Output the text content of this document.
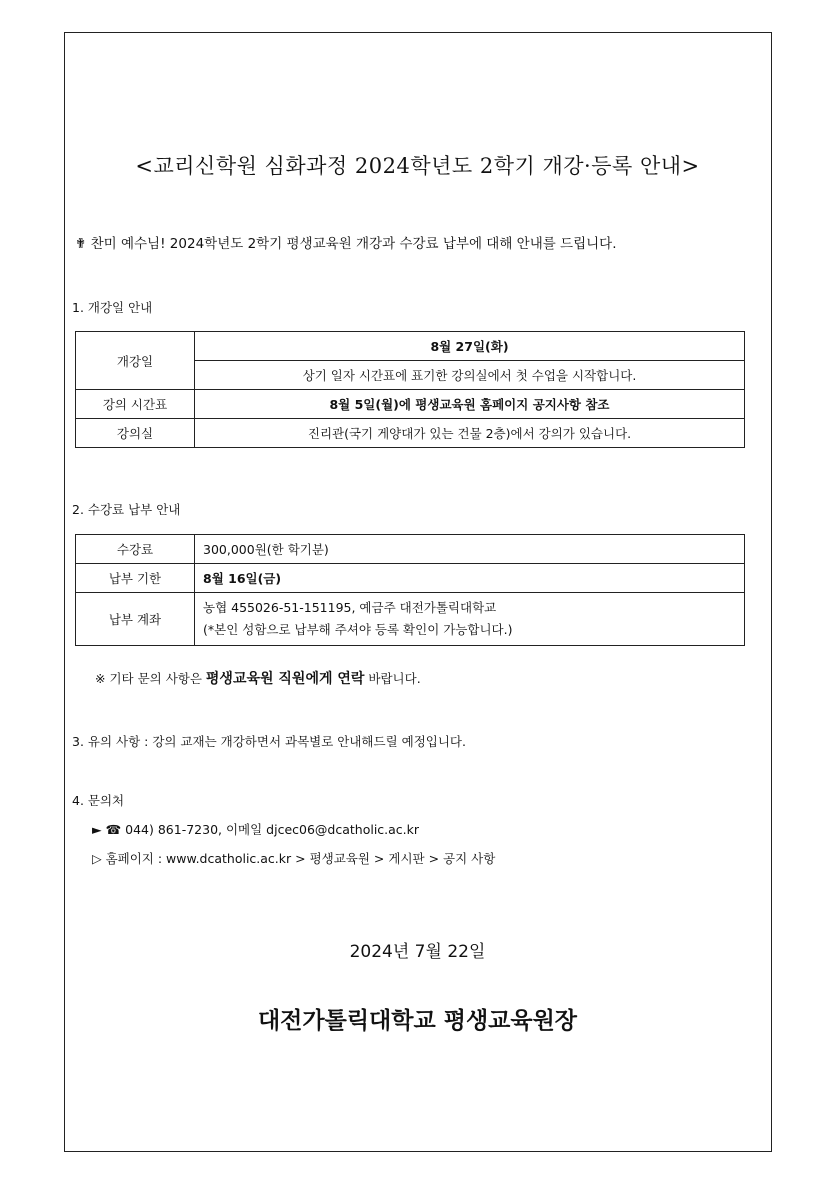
<교리신학원 심화과정 2024학년도 2학기 개강·등록 안내>
✟ 찬미 예수님! 2024학년도 2학기 평생교육원 개강과 수강료 납부에 대해 안내를 드립니다.
1. 개강일 안내
개강일	8월 27일(화)
	상기 일자 시간표에 표기한 강의실에서 첫 수업을 시작합니다.
강의 시간표	8월 5일(월)에 평생교육원 홈페이지 공지사항 참조
강의실	진리관(국기 게양대가 있는 건물 2층)에서 강의가 있습니다.
2. 수강료 납부 안내
수강료	300,000원(한 학기분)
납부 기한	8월 16일(금)
납부 계좌	농협 455026-51-151195, 예금주 대전가톨릭대학교
(*본인 성함으로 납부해 주셔야 등록 확인이 가능합니다.)
※ 기타 문의 사항은 평생교육원 직원에게 연락 바랍니다.
3. 유의 사항 : 강의 교재는 개강하면서 과목별로 안내해드릴 예정입니다.
4. 문의처
► ☎ 044) 861-7230, 이메일 djcec06@dcatholic.ac.kr
▷ 홈페이지 : www.dcatholic.ac.kr > 평생교육원 > 게시판 > 공지 사항
2024년 7월 22일
대전가톨릭대학교 평생교육원장
